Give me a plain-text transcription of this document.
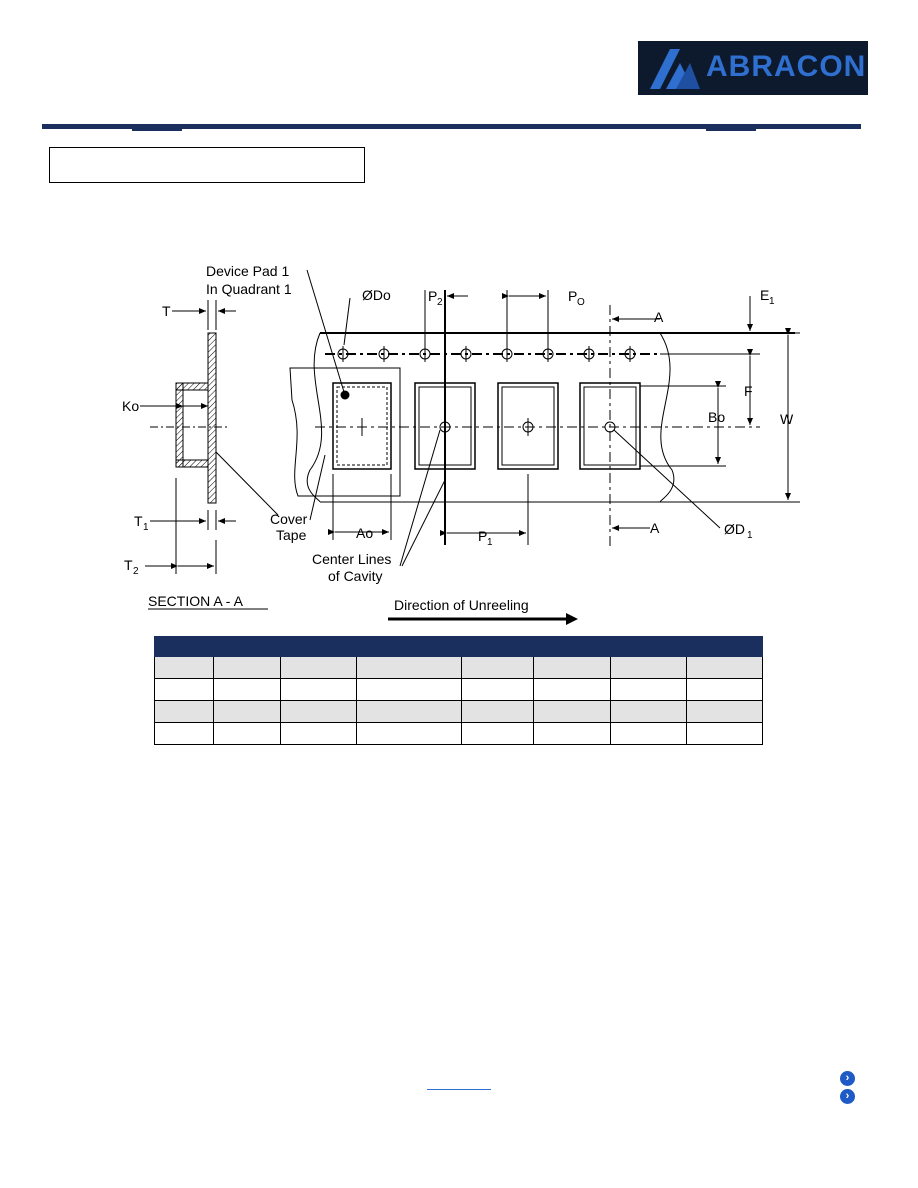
ABRACON
Device Pad 1
In Quadrant 1
T
Ko
T 1
T 2
Cover
Tape
Center Lines
of Cavity
SECTION A - A	Direction of Unreeling
ØDo	P 2	P O
A
A
E 1
F
Bo	W
Ao	P 1
ØD 1
›
›
